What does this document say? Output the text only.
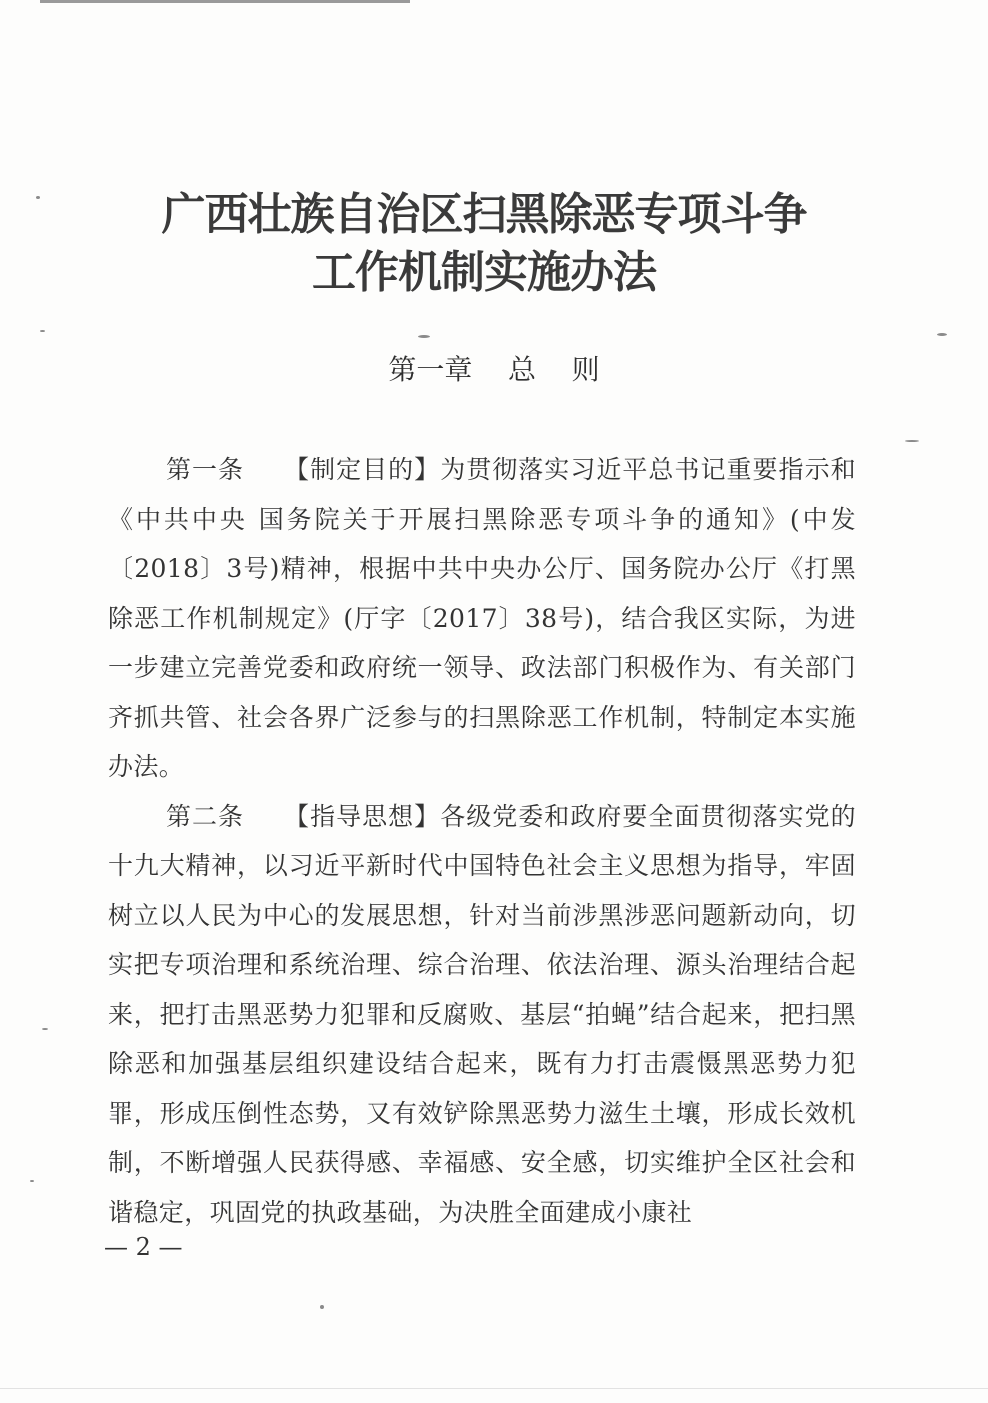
广西壮族自治区扫黑除恶专项斗争
工作机制实施办法
第一章 总    则

第一条 【制定目的】为贯彻落实习近平总书记重要指示和《中共中央 国务院关于开展扫黑除恶专项斗争的通知》(中发〔2018〕3号)精神，根据中共中央办公厅、国务院办公厅《打黑除恶工作机制规定》(厅字〔2017〕38号)，结合我区实际，为进一步建立完善党委和政府统一领导、政法部门积极作为、有关部门齐抓共管、社会各界广泛参与的扫黑除恶工作机制，特制定本实施办法。

第二条 【指导思想】各级党委和政府要全面贯彻落实党的十九大精神，以习近平新时代中国特色社会主义思想为指导，牢固树立以人民为中心的发展思想，针对当前涉黑涉恶问题新动向，切实把专项治理和系统治理、综合治理、依法治理、源头治理结合起来，把打击黑恶势力犯罪和反腐败、基层“拍蝇”结合起来，把扫黑除恶和加强基层组织建设结合起来，既有力打击震慑黑恶势力犯罪，形成压倒性态势，又有效铲除黑恶势力滋生土壤，形成长效机制，不断增强人民获得感、幸福感、安全感，切实维护全区社会和谐稳定，巩固党的执政基础，为决胜全面建成小康社

— 2 —
